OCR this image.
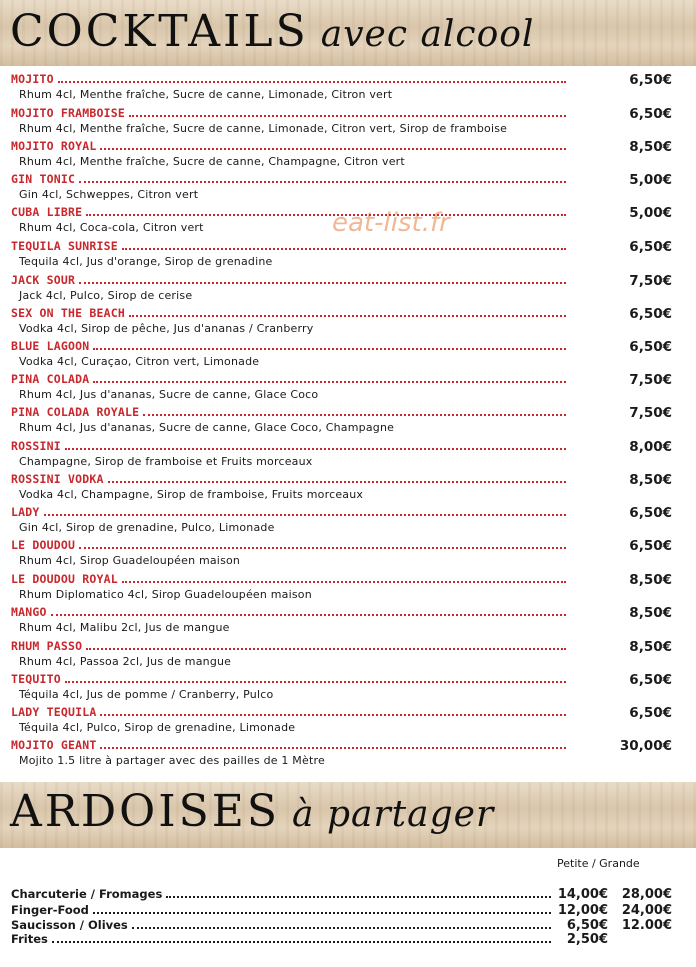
COCKTAILS avec alcool
eat-list.fr
MOJITO	6,50€
Rhum 4cl, Menthe fraîche, Sucre de canne, Limonade, Citron vert
MOJITO FRAMBOISE	6,50€
Rhum 4cl, Menthe fraîche, Sucre de canne, Limonade, Citron vert, Sirop de framboise
MOJITO ROYAL	8,50€
Rhum 4cl, Menthe fraîche, Sucre de canne, Champagne, Citron vert
GIN TONIC	5,00€
Gin 4cl, Schweppes, Citron vert
CUBA LIBRE	5,00€
Rhum 4cl, Coca-cola, Citron vert
TEQUILA SUNRISE	6,50€
Tequila 4cl, Jus d'orange, Sirop de grenadine
JACK SOUR	7,50€
Jack 4cl, Pulco, Sirop de cerise
SEX ON THE BEACH	6,50€
Vodka 4cl, Sirop de pêche, Jus d'ananas / Cranberry
BLUE LAGOON	6,50€
Vodka 4cl, Curaçao, Citron vert, Limonade
PINA COLADA	7,50€
Rhum 4cl, Jus d'ananas, Sucre de canne, Glace Coco
PINA COLADA ROYALE	7,50€
Rhum 4cl, Jus d'ananas, Sucre de canne, Glace Coco, Champagne
ROSSINI	8,00€
Champagne, Sirop de framboise et Fruits morceaux
ROSSINI VODKA	8,50€
Vodka 4cl, Champagne, Sirop de framboise, Fruits morceaux
LADY	6,50€
Gin 4cl, Sirop de grenadine, Pulco, Limonade
LE DOUDOU	6,50€
Rhum 4cl, Sirop Guadeloupéen maison
LE DOUDOU ROYAL	8,50€
Rhum Diplomatico 4cl, Sirop Guadeloupéen maison
MANGO	8,50€
Rhum 4cl, Malibu 2cl, Jus de mangue
RHUM PASSO	8,50€
Rhum 4cl, Passoa 2cl, Jus de mangue
TEQUITO	6,50€
Téquila 4cl, Jus de pomme / Cranberry, Pulco
LADY TEQUILA	6,50€
Téquila 4cl, Pulco, Sirop de grenadine, Limonade
MOJITO GEANT	30,00€
Mojito 1.5 litre à partager avec des pailles de 1 Mètre
ARDOISES à partager
Petite / Grande
Charcuterie / Fromages	14,00€ 28,00€
Finger-Food	12,00€ 24,00€
Saucisson / Olives	6,50€ 12.00€
Frites	2,50€
